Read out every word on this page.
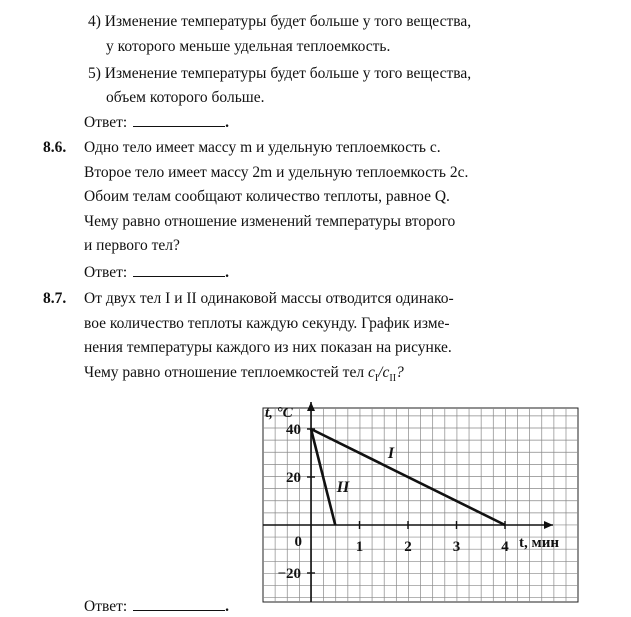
4) Изменение температуры будет больше у того вещества,
у которого меньше удельная теплоемкость.
5) Изменение температуры будет больше у того вещества,
объем которого больше.
Ответ:	.
8.6. Одно тело имеет массу m и удельную теплоемкость c.
Второе тело имеет массу 2m и удельную теплоемкость 2c.
Обоим телам сообщают количество теплоты, равное Q.
Чему равно отношение изменений температуры второго
и первого тел?
Ответ:	.
8.7. От двух тел I и II одинаковой массы отводится одинако-
вое количество теплоты каждую секунду. График изме-
нения температуры каждого из них показан на рисунке.
Чему равно отношение теплоемкостей тел $c_I/c_{II}$?
1	2	3	4
40
20
−20
0
t, °C
t, мин
I
II
Ответ:	.
